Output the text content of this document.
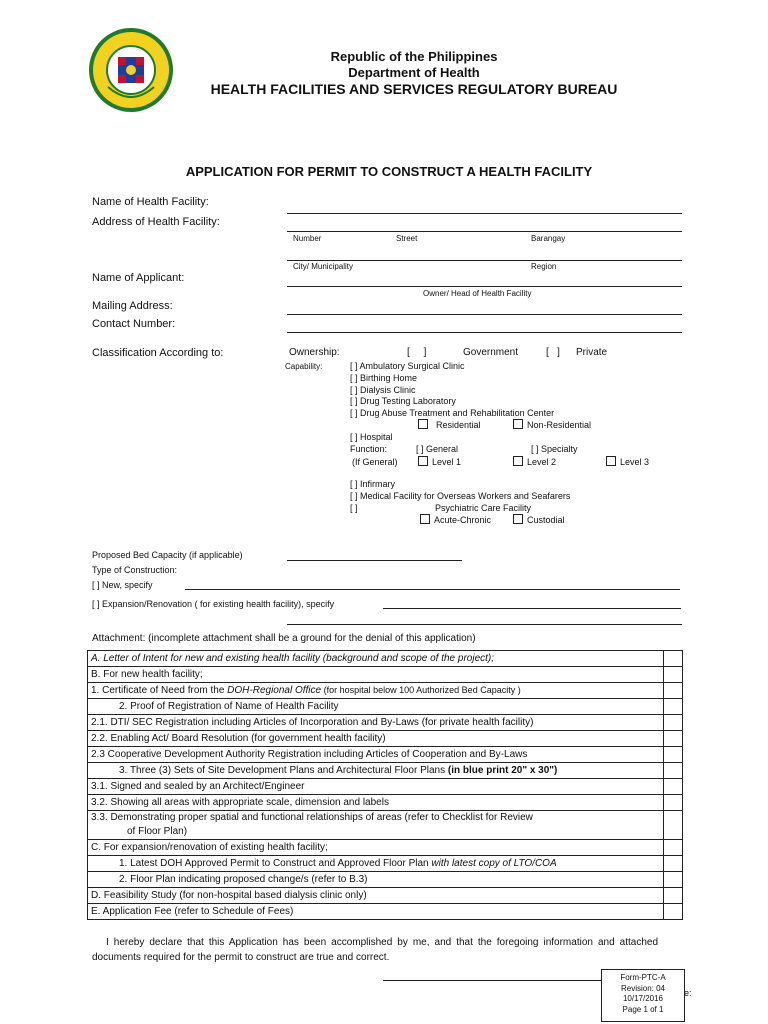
Republic of the Philippines
Department of Health
HEALTH FACILITIES AND SERVICES REGULATORY BUREAU
APPLICATION FOR PERMIT TO CONSTRUCT A HEALTH FACILITY
Name of Health Facility:
Address of Health Facility:
Number	Street	Barangay
City/ Municipality	Region
Name of Applicant:
Owner/ Head of Health Facility
Mailing Address:
Contact Number:
Classification According to:	Ownership:	[     ]	Government	[   ] Private
Capability:	[ ] Ambulatory Surgical Clinic
[ ] Birthing Home
[ ] Dialysis Clinic
[ ] Drug Testing Laboratory
[ ] Drug Abuse Treatment and Rehabilitation Center
Residential	Non-Residential
[ ] Hospital
Function:	[ ] General	[ ] Specialty
(If General)	Level 1	Level 2	Level 3
[ ] Infirmary
[ ] Medical Facility for Overseas Workers and Seafarers
[ ]	Psychiatric Care Facility
Acute-Chronic	Custodial
Proposed Bed Capacity (if applicable)
Type of Construction:
[ ] New, specify
[ ] Expansion/Renovation ( for existing health facility), specify
Attachment: (incomplete attachment shall be a ground for the denial of this application)
A. Letter of Intent for new and existing health facility (background and scope of the project);	
B. For new health facility;	
1. Certificate of Need from the DOH-Regional Office (for hospital below 100 Authorized Bed Capacity )	
2. Proof of Registration of Name of Health Facility	
2.1. DTI/ SEC Registration including Articles of Incorporation and By-Laws (for private health facility)	
2.2. Enabling Act/ Board Resolution (for government health facility)	
2.3 Cooperative Development Authority Registration including Articles of Cooperation and By-Laws	
3. Three (3) Sets of Site Development Plans and Architectural Floor Plans (in blue print 20" x 30")	
3.1. Signed and sealed by an Architect/Engineer	
3.2. Showing all areas with appropriate scale, dimension and labels	

3.3. Demonstrating proper spatial and functional relationships of areas (refer to Checklist for Review
of Floor Plan)	

C. For expansion/renovation of existing health facility;	
1. Latest DOH Approved Permit to Construct and Approved Floor Plan with latest copy of LTO/COA	
2. Floor Plan indicating proposed change/s (refer to B.3)	
D. Feasibility Study (for non-hospital based dialysis clinic only)	
E. Application Fee (refer to Schedule of Fees)	
I hereby declare that this Application has been accomplished by me, and that the foregoing information and attached documents required for the permit to construct are true and correct.
e:
Form-PTC-A
Revision: 04
10/17/2016
Page 1 of 1
